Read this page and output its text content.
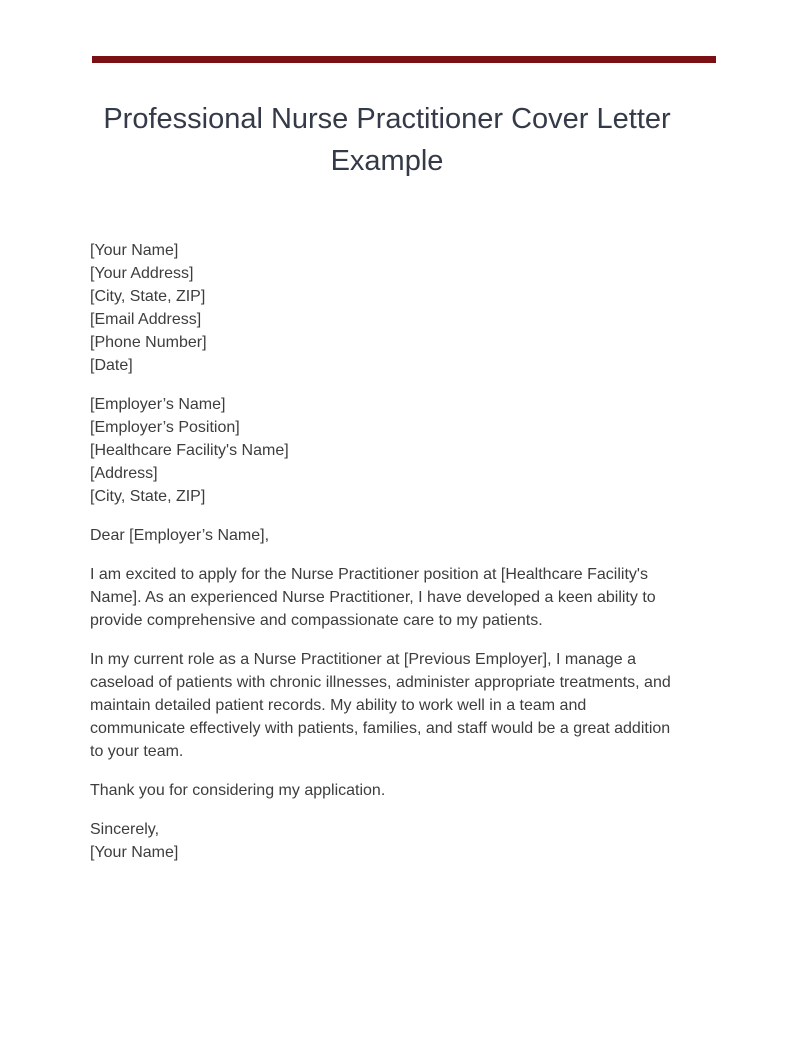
Professional Nurse Practitioner Cover Letter Example
[Your Name]
[Your Address]
[City, State, ZIP]
[Email Address]
[Phone Number]
[Date]
[Employer’s Name]
[Employer’s Position]
[Healthcare Facility's Name]
[Address]
[City, State, ZIP]

Dear [Employer’s Name],

I am excited to apply for the Nurse Practitioner position at [Healthcare Facility's Name]. As an experienced Nurse Practitioner, I have developed a keen ability to provide comprehensive and compassionate care to my patients.

In my current role as a Nurse Practitioner at [Previous Employer], I manage a caseload of patients with chronic illnesses, administer appropriate treatments, and maintain detailed patient records. My ability to work well in a team and communicate effectively with patients, families, and staff would be a great addition to your team.

Thank you for considering my application.

Sincerely,
[Your Name]
